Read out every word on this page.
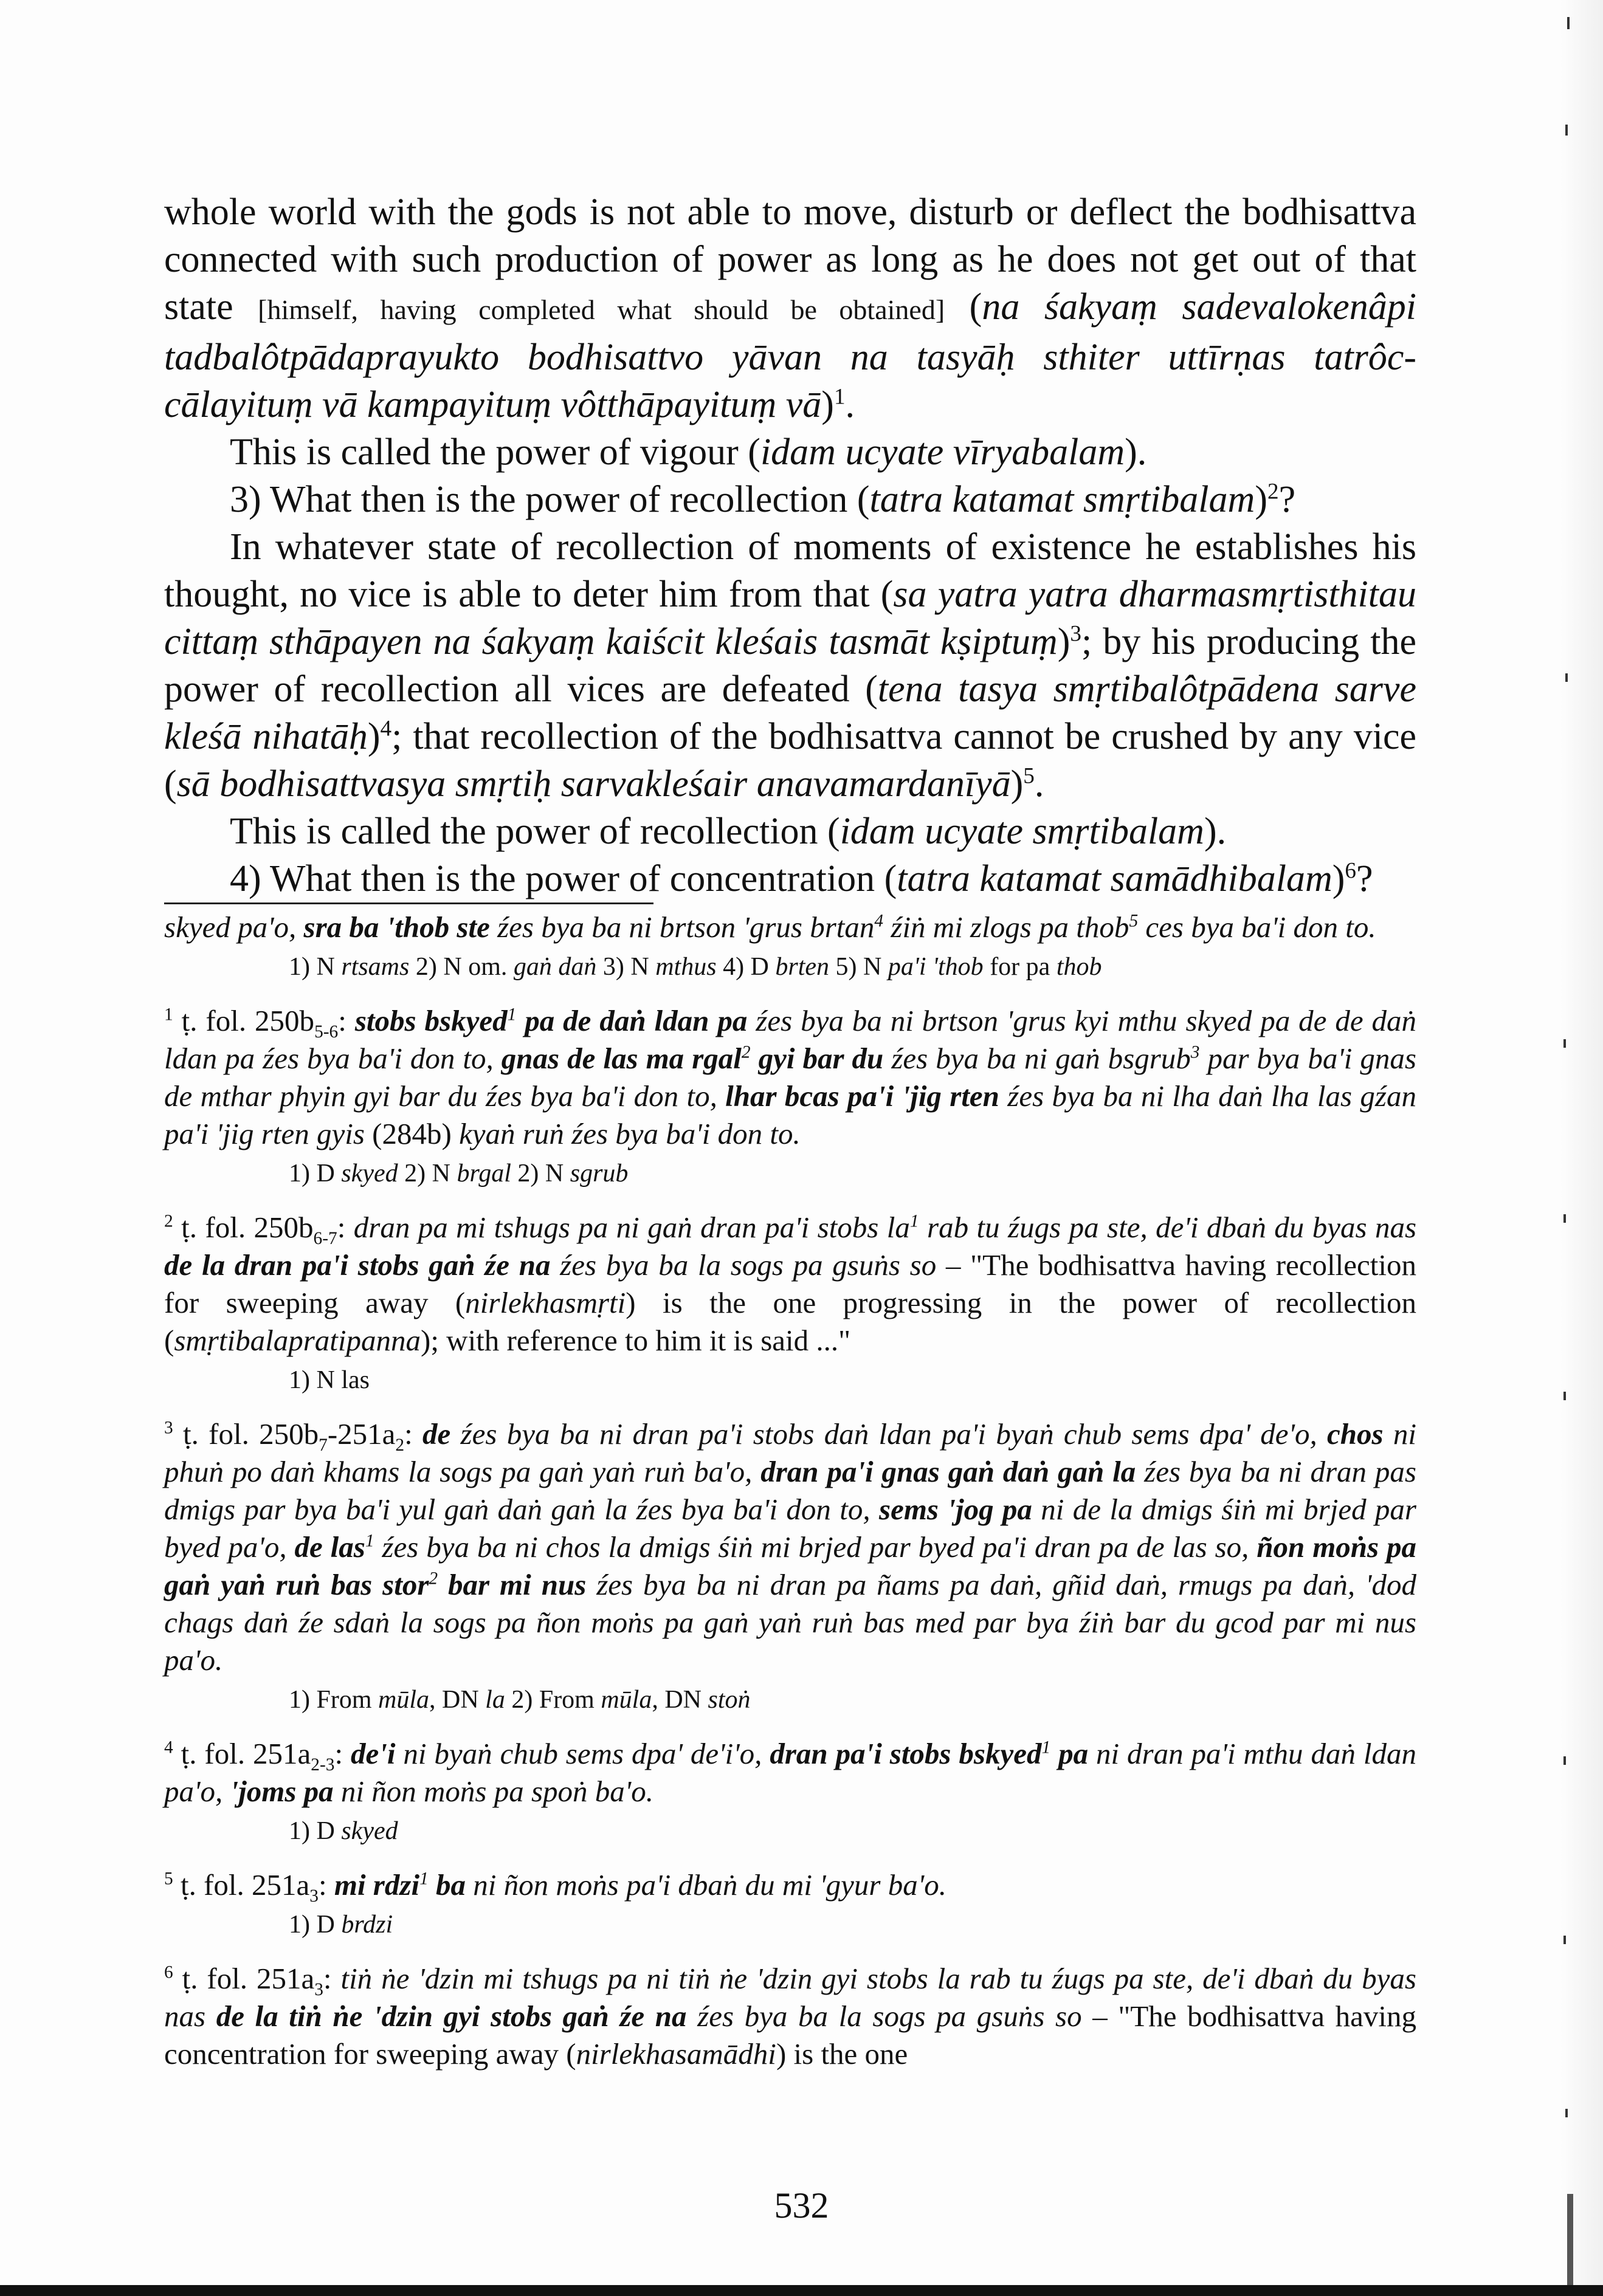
whole world with the gods is not able to move, disturb or deflect the bodhisattva connected with such production of power as long as he does not get out of that state [himself, having completed what should be obtained] (na śakyaṃ sadevalokenâpi tadbalôtpādaprayukto bodhisattvo yāvan na tasyāḥ sthiter uttīrṇas tatrôccālayituṃ vā kampayituṃ vôtthāpayituṃ vā)$^1$.

This is called the power of vigour (idam ucyate vīryabalam).

3) What then is the power of recollection (tatra katamat smṛtibalam)$^2$?

In whatever state of recollection of moments of existence he establishes his thought, no vice is able to deter him from that (sa yatra yatra dharmasmṛtisthitau cittaṃ sthāpayen na śakyaṃ kaiścit kleśais tasmāt kṣiptuṃ)$^3$; by his producing the power of recollection all vices are defeated (tena tasya smṛtibalôtpādena sarve kleśā nihatāḥ)$^4$; that recollection of the bodhisattva cannot be crushed by any vice (sā bodhisattvasya smṛtiḥ sarvakleśair anavamardanīyā)$^5$.

This is called the power of recollection (idam ucyate smṛtibalam).

4) What then is the power of concentration (tatra katamat samādhibalam)$^6$?

skyed pa'o, sra ba 'thob ste źes bya ba ni brtson 'grus brtan$^4$ źiṅ mi zlogs pa thob$^5$ ces bya ba'i don to.

1) N rtsams 2) N om. gaṅ daṅ 3) N mthus 4) D brten 5) N pa'i 'thob for pa thob

$^1$ ṭ. fol. $250b_{5-6}$: stobs bskyed$^1$ pa de daṅ ldan pa źes bya ba ni brtson 'grus kyi mthu skyed pa de de daṅ ldan pa źes bya ba'i don to, gnas de las ma rgal$^2$ gyi bar du źes bya ba ni gaṅ bsgrub$^3$ par bya ba'i gnas de mthar phyin gyi bar du źes bya ba'i don to, lhar bcas pa'i 'jig rten źes bya ba ni lha daṅ lha las gźan pa'i 'jig rten gyis (284b) kyaṅ ruṅ źes bya ba'i don to.

1) D skyed 2) N brgal 2) N sgrub

$^2$ ṭ. fol. $250b_{6-7}$: dran pa mi tshugs pa ni gaṅ dran pa'i stobs $la^1$ rab tu źugs pa ste, de'i dbaṅ du byas nas de la dran pa'i stobs gaṅ źe na źes bya ba la sogs pa gsuṅs so – "The bodhisattva having recollection for sweeping away (nirlekhasmṛti) is the one progressing in the power of recollection (smṛtibalapratipanna); with reference to him it is said ..."

1) N las

$^3$ ṭ. fol. $250b_7-251a_2$: de źes bya ba ni dran pa'i stobs daṅ ldan pa'i byaṅ chub sems dpa' de'o, chos ni phuṅ po daṅ khams la sogs pa gaṅ yaṅ ruṅ ba'o, dran pa'i gnas gaṅ daṅ gaṅ la źes bya ba ni dran pas dmigs par bya ba'i yul gaṅ daṅ gaṅ la źes bya ba'i don to, sems 'jog pa ni de la dmigs śiṅ mi brjed par byed pa'o, de las$^1$ źes bya ba ni chos la dmigs śiṅ mi brjed par byed pa'i dran pa de las so, ñon moṅs pa gaṅ yaṅ ruṅ bas stor$^2$ bar mi nus źes bya ba ni dran pa ñams pa daṅ, gñid daṅ, rmugs pa daṅ, 'dod chags daṅ źe sdaṅ la sogs pa ñon moṅs pa gaṅ yaṅ ruṅ bas med par bya źiṅ bar du gcod par mi nus pa'o.

1) From mūla, DN la 2) From mūla, DN stoṅ

$^4$ ṭ. fol. $251a_{2-3}$: de'i ni byaṅ chub sems dpa' de'i'o, dran pa'i stobs bskyed$^1$ pa ni dran pa'i mthu daṅ ldan pa'o, 'joms pa ni ñon moṅs pa spoṅ ba'o.

1) D skyed

$^5$ ṭ. fol. $251a_3$: mi rdzi$^1$ ba ni ñon moṅs pa'i dbaṅ du mi 'gyur ba'o.

1) D brdzi

$^6$ ṭ. fol. $251a_3$: tiṅ ṅe 'dzin mi tshugs pa ni tiṅ ṅe 'dzin gyi stobs la rab tu źugs pa ste, de'i dbaṅ du byas nas de la tiṅ ṅe 'dzin gyi stobs gaṅ źe na źes bya ba la sogs pa gsuṅs so – "The bodhisattva having concentration for sweeping away (nirlekhasamādhi) is the one

532
